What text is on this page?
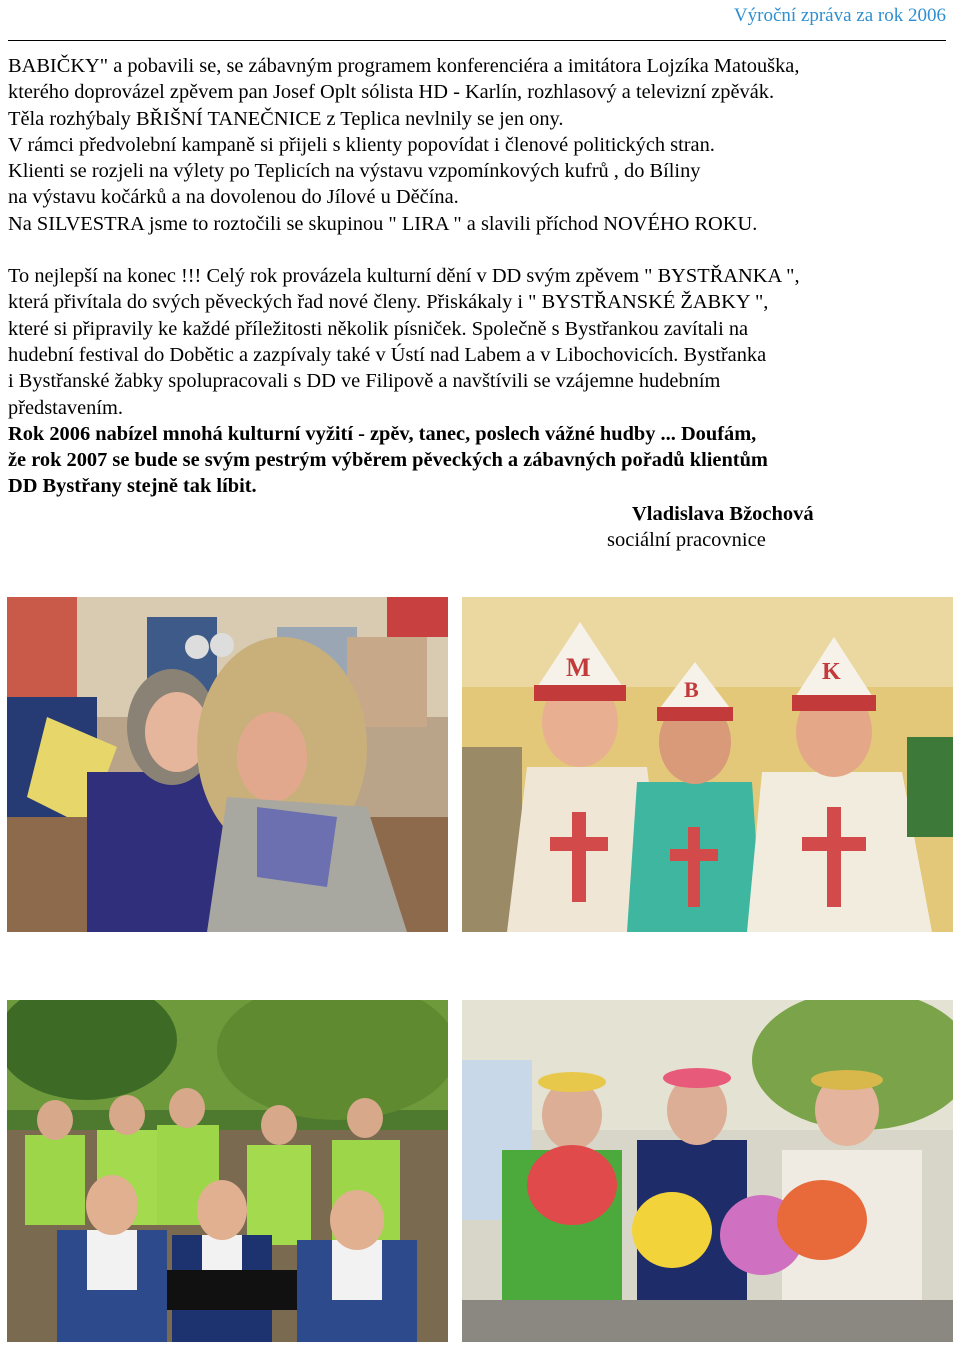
Výroční zpráva za rok 2006

BABIČKY" a pobavili se, se zábavným programem konferenciéra a imitátora Lojzíka Matouška,

kterého doprovázel zpěvem pan Josef Oplt sólista HD - Karlín, rozhlasový a televizní zpěvák.

Těla rozhýbaly BŘIŠNÍ TANEČNICE z Teplica nevlnily se jen ony.

V rámci předvolební kampaně si přijeli s klienty popovídat i členové politických stran.

Klienti se rozjeli na výlety po Teplicích na výstavu vzpomínkových kufrů , do Bíliny

na výstavu kočárků a na dovolenou do Jílové u Děčína.

Na SILVESTRA jsme to roztočili se skupinou " LIRA " a slavili příchod NOVÉHO ROKU.

To nejlepší na konec !!! Celý rok provázela kulturní dění v DD svým zpěvem " BYSTŘANKA ",

která přivítala do svých pěveckých řad nové členy. Přiskákaly i " BYSTŘANSKÉ ŽABKY ",

které si připravily ke každé příležitosti několik písniček. Společně s Bystřankou zavítali na

hudební festival do Dobětic a zazpívaly také v Ústí nad Labem a v Libochovicích. Bystřanka

i Bystřanské žabky spolupracovali s DD ve Filipově a navštívili se vzájemne hudebním

představením.

Rok 2006 nabízel mnohá kulturní vyžití - zpěv, tanec, poslech vážné hudby ... Doufám,

že rok 2007 se bude se svým pestrým výběrem pěveckých a zábavných pořadů klientům

DD Bystřany stejně tak líbit.

Vladislava Bžochová
sociální pracovnice
M
B
K
